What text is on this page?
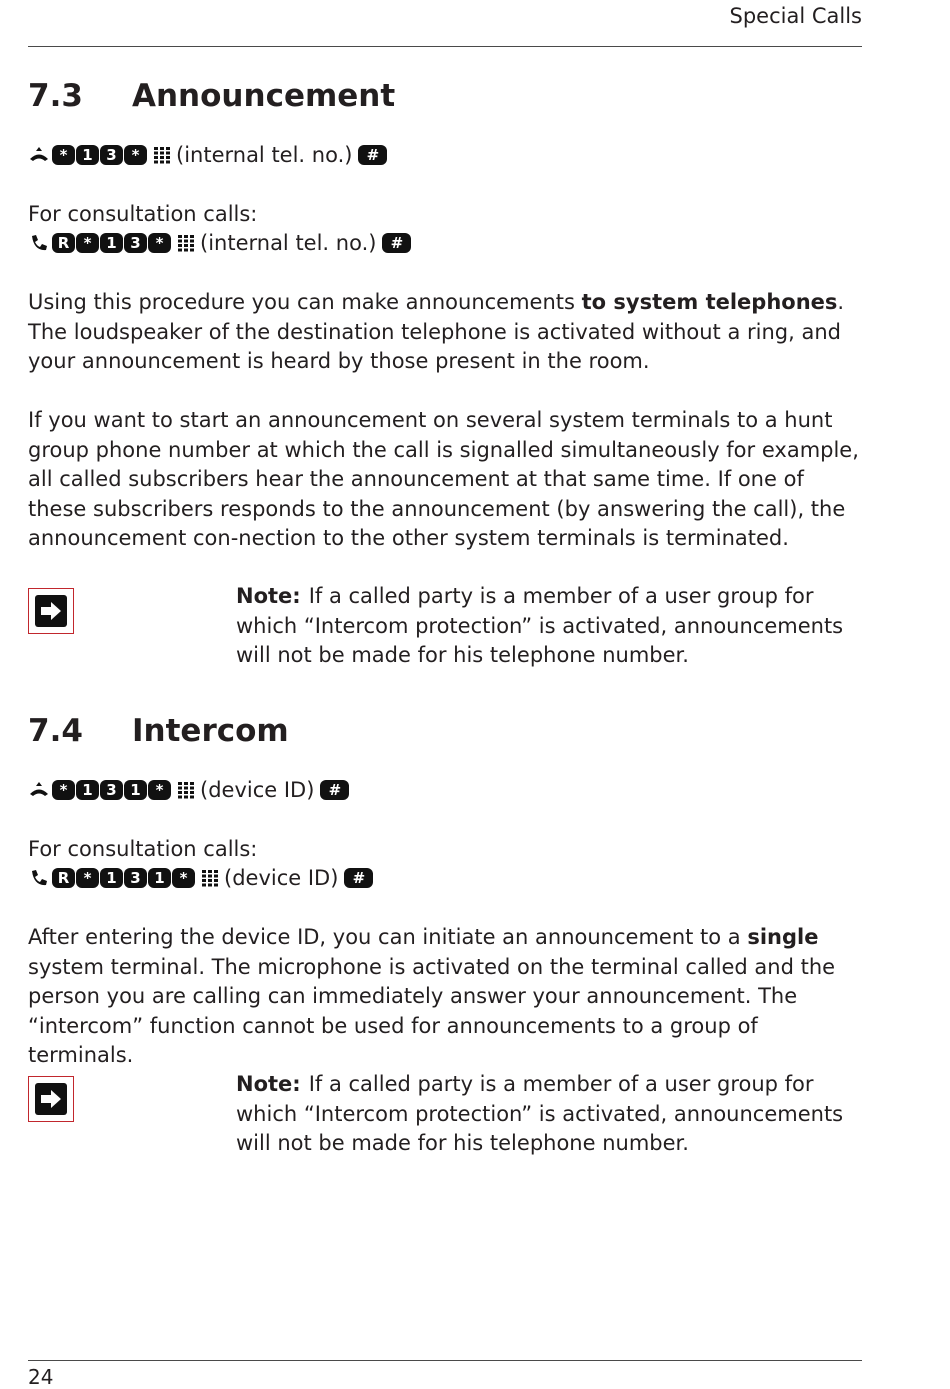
Special Calls
7.3	Announcement
* 1 3 *	(internal tel. no.) #

For consultation calls:

R * 1 3 *	(internal tel. no.) #

Using this procedure you can make announcements to system telephones. The loudspeaker of the destination telephone is activated without a ring, and your announcement is heard by those present in the room.

If you want to start an announcement on several system terminals to a hunt group phone number at which the call is signalled simultaneously for example, all called subscribers hear the announcement at that same time. If one of these subscribers responds to the announcement (by answering the call), the announcement con-nection to the other system terminals is terminated.

Note: If a called party is a member of a user group for which “Intercom protection” is activated, announcements will not be made for his telephone number.

7.4	Intercom
* 1 3 1 *	(device ID) #

For consultation calls:

R * 1 3 1 *	(device ID) #

After entering the device ID, you can initiate an announcement to a single system terminal. The microphone is activated on the terminal called and the person you are calling can immediately answer your announcement. The “intercom” function cannot be used for announcements to a group of terminals.

Note: If a called party is a member of a user group for which “Intercom protection” is activated, announcements will not be made for his telephone number.

24
